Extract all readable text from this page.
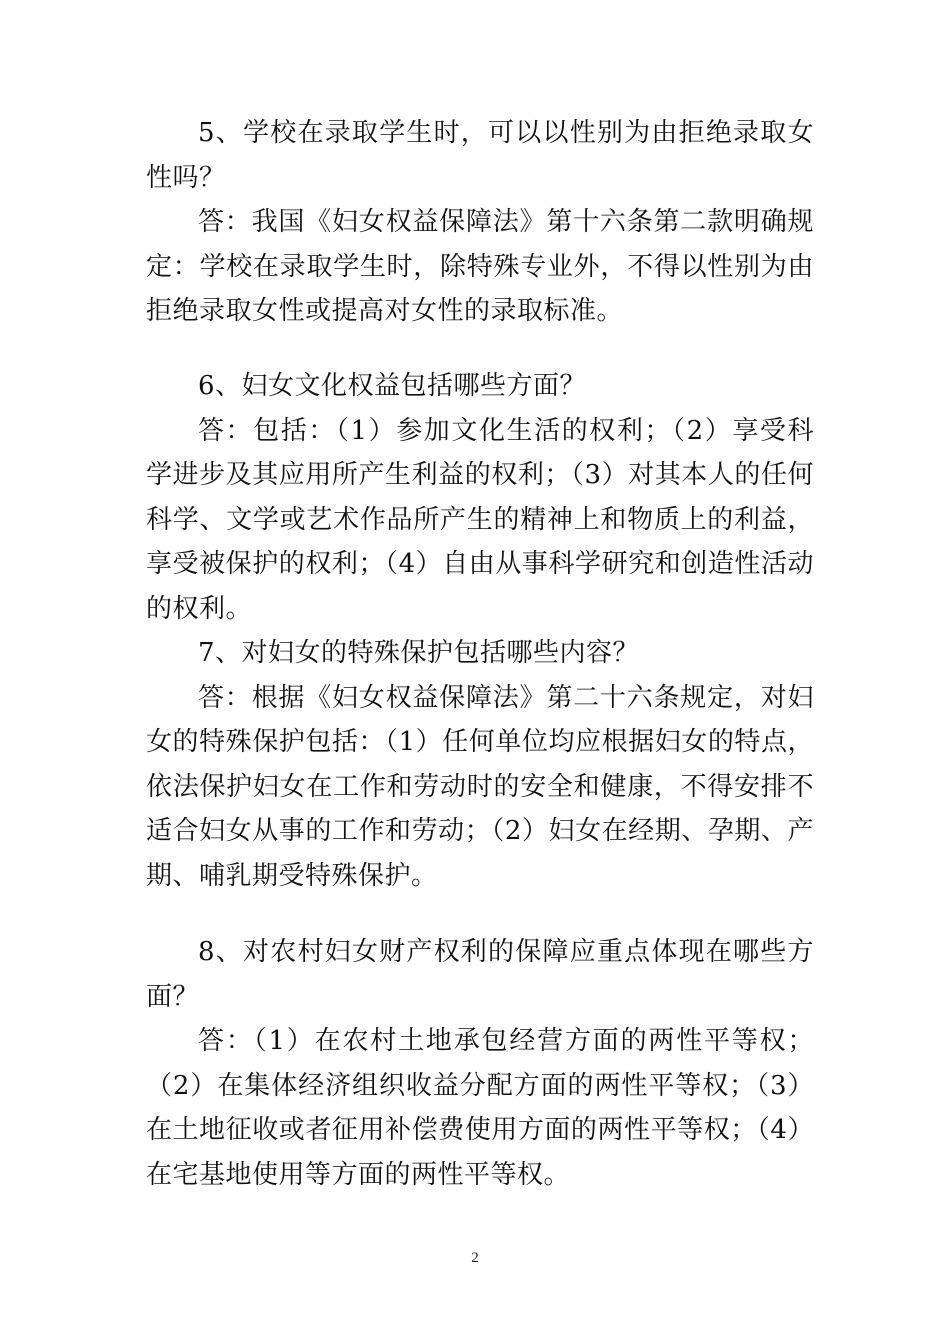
5、学校在录取学生时，可以以性别为由拒绝录取女性吗？

答：我国《妇女权益保障法》第十六条第二款明确规定：学校在录取学生时，除特殊专业外，不得以性别为由拒绝录取女性或提高对女性的录取标准。

6、妇女文化权益包括哪些方面？

答：包括：（1）参加文化生活的权利；（2）享受科学进步及其应用所产生利益的权利；（3）对其本人的任何科学、文学或艺术作品所产生的精神上和物质上的利益，享受被保护的权利；（4）自由从事科学研究和创造性活动的权利。

7、对妇女的特殊保护包括哪些内容？

答：根据《妇女权益保障法》第二十六条规定，对妇女的特殊保护包括：（1）任何单位均应根据妇女的特点，依法保护妇女在工作和劳动时的安全和健康，不得安排不适合妇女从事的工作和劳动；（2）妇女在经期、孕期、产期、哺乳期受特殊保护。

8、对农村妇女财产权利的保障应重点体现在哪些方面？

答：（1）在农村土地承包经营方面的两性平等权；（2）在集体经济组织收益分配方面的两性平等权；（3）在土地征收或者征用补偿费使用方面的两性平等权；（4）在宅基地使用等方面的两性平等权。

2
